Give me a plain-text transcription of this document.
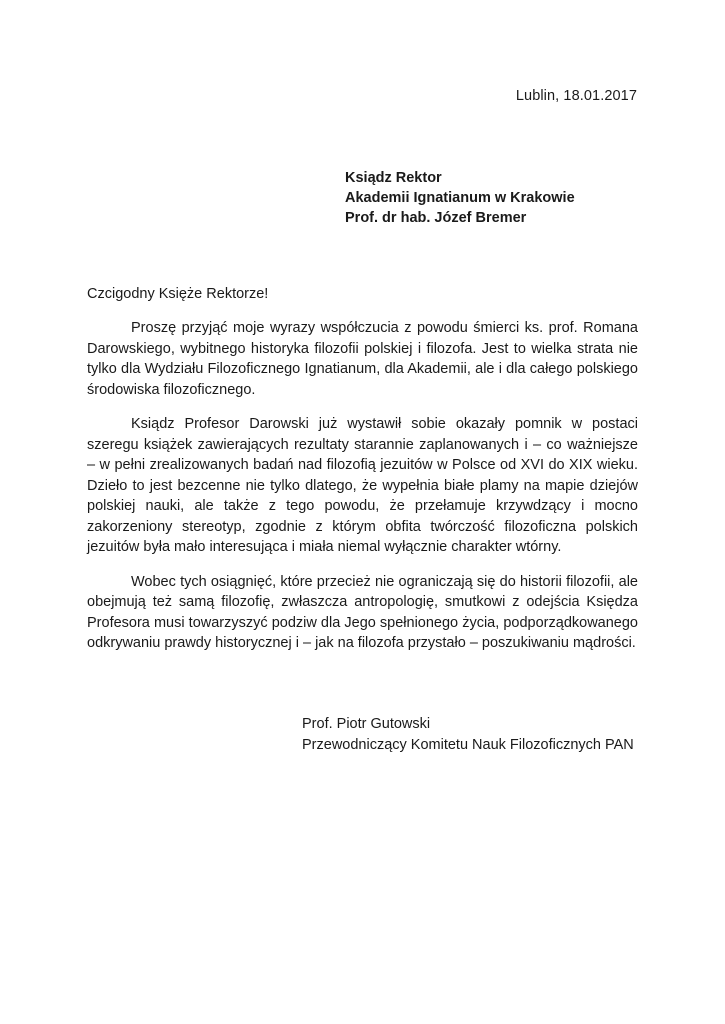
Lublin, 18.01.2017
Ksiądz Rektor
Akademii Ignatianum w Krakowie
Prof. dr hab. Józef Bremer
Czcigodny Księże Rektorze!

Proszę przyjąć moje wyrazy współczucia z powodu śmierci ks. prof. Romana Darowskiego, wybitnego historyka filozofii polskiej i filozofa. Jest to wielka strata nie tylko dla Wydziału Filozoficznego Ignatianum, dla Akademii, ale i dla całego polskiego środowiska filozoficznego.

Ksiądz Profesor Darowski już wystawił sobie okazały pomnik w postaci szeregu książek zawierających rezultaty starannie zaplanowanych i – co ważniejsze – w pełni zrealizowanych badań nad filozofią jezuitów w Polsce od XVI do XIX wieku. Dzieło to jest bezcenne nie tylko dlatego, że wypełnia białe plamy na mapie dziejów polskiej nauki, ale także z tego powodu, że przełamuje krzywdzący i mocno zakorzeniony stereotyp, zgodnie z którym obfita twórczość filozoficzna polskich jezuitów była mało interesująca i miała niemal wyłącznie charakter wtórny.

Wobec tych osiągnięć, które przecież nie ograniczają się do historii filozofii, ale obejmują też samą filozofię, zwłaszcza antropologię, smutkowi z odejścia Księdza Profesora musi towarzyszyć podziw dla Jego spełnionego życia, podporządkowanego odkrywaniu prawdy historycznej i – jak na filozofa przystało – poszukiwaniu mądrości.

Prof. Piotr Gutowski
Przewodniczący Komitetu Nauk Filozoficznych PAN
